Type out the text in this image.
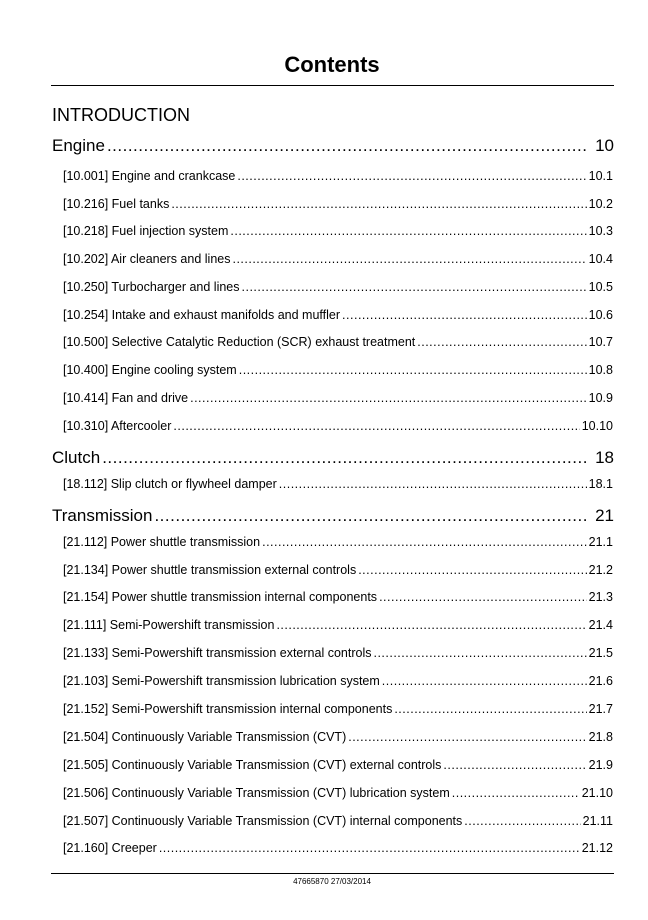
Contents
INTRODUCTION
Engine .....	10
[10.001] Engine and crankcase .....	10.1
[10.216] Fuel tanks .....	10.2
[10.218] Fuel injection system .....	10.3
[10.202] Air cleaners and lines .....	10.4
[10.250] Turbocharger and lines .....	10.5
[10.254] Intake and exhaust manifolds and muffler .....	10.6
[10.500] Selective Catalytic Reduction (SCR) exhaust treatment .....	10.7
[10.400] Engine cooling system .....	10.8
[10.414] Fan and drive .....	10.9
[10.310] Aftercooler .....	10.10
Clutch .....	18
[18.112] Slip clutch or flywheel damper .....	18.1
Transmission .....	21
[21.112] Power shuttle transmission .....	21.1
[21.134] Power shuttle transmission external controls .....	21.2
[21.154] Power shuttle transmission internal components .....	21.3
[21.111] Semi-Powershift transmission .....	21.4
[21.133] Semi-Powershift transmission external controls .....	21.5
[21.103] Semi-Powershift transmission lubrication system .....	21.6
[21.152] Semi-Powershift transmission internal components .....	21.7
[21.504] Continuously Variable Transmission (CVT) .....	21.8
[21.505] Continuously Variable Transmission (CVT) external controls .....	21.9
[21.506] Continuously Variable Transmission (CVT) lubrication system .....	21.10
[21.507] Continuously Variable Transmission (CVT) internal components .....	21.11
[21.160] Creeper .....	21.12
47665870 27/03/2014
